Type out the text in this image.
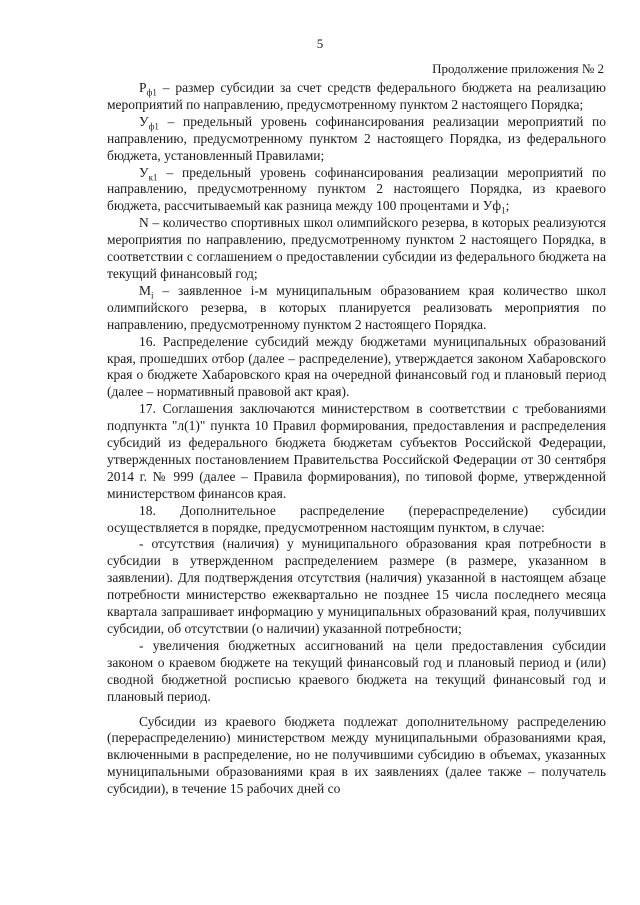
5
Продолжение приложения № 2

$Р_{ф1}$ – размер субсидии за счет средств федерального бюджета на реализацию мероприятий по направлению, предусмотренному пунктом 2 настоящего Порядка;

$У_{ф1}$ – предельный уровень софинансирования реализации мероприятий по направлению, предусмотренному пунктом 2 настоящего Порядка, из федерального бюджета, установленный Правилами;

$У_{к1}$ – предельный уровень софинансирования реализации мероприятий по направлению, предусмотренному пунктом 2 настоящего Порядка, из краевого бюджета, рассчитываемый как разница между 100 процентами и $Уф_1$;

N – количество спортивных школ олимпийского резерва, в которых реализуются мероприятия по направлению, предусмотренному пунктом 2 настоящего Порядка, в соответствии с соглашением о предоставлении субсидии из федерального бюджета на текущий финансовый год;

$M_i$ – заявленное i-м муниципальным образованием края количество школ олимпийского резерва, в которых планируется реализовать мероприятия по направлению, предусмотренному пунктом 2 настоящего Порядка.

16. Распределение субсидий между бюджетами муниципальных образований края, прошедших отбор (далее – распределение), утверждается законом Хабаровского края о бюджете Хабаровского края на очередной финансовый год и плановый период (далее – нормативный правовой акт края).

17. Соглашения заключаются министерством в соответствии с требованиями подпункта "л(1)" пункта 10 Правил формирования, предоставления и распределения субсидий из федерального бюджета бюджетам субъектов Российской Федерации, утвержденных постановлением Правительства Российской Федерации от 30 сентября 2014 г. № 999 (далее – Правила формирования), по типовой форме, утвержденной министерством финансов края.

18. Дополнительное распределение (перераспределение) субсидии осуществляется в порядке, предусмотренном настоящим пунктом, в случае:

- отсутствия (наличия) у муниципального образования края потребности в субсидии в утвержденном распределением размере (в размере, указанном в заявлении). Для подтверждения отсутствия (наличия) указанной в настоящем абзаце потребности министерство ежеквартально не позднее 15 числа последнего месяца квартала запрашивает информацию у муниципальных образований края, получивших субсидии, об отсутствии (о наличии) указанной потребности;

- увеличения бюджетных ассигнований на цели предоставления субсидии законом о краевом бюджете на текущий финансовый год и плановый период и (или) сводной бюджетной росписью краевого бюджета на текущий финансовый год и плановый период.

Субсидии из краевого бюджета подлежат дополнительному распределению (перераспределению) министерством между муниципальными образованиями края, включенными в распределение, но не получившими субсидию в объемах, указанных муниципальными образованиями края в их заявлениях (далее также – получатель субсидии), в течение 15 рабочих дней со
